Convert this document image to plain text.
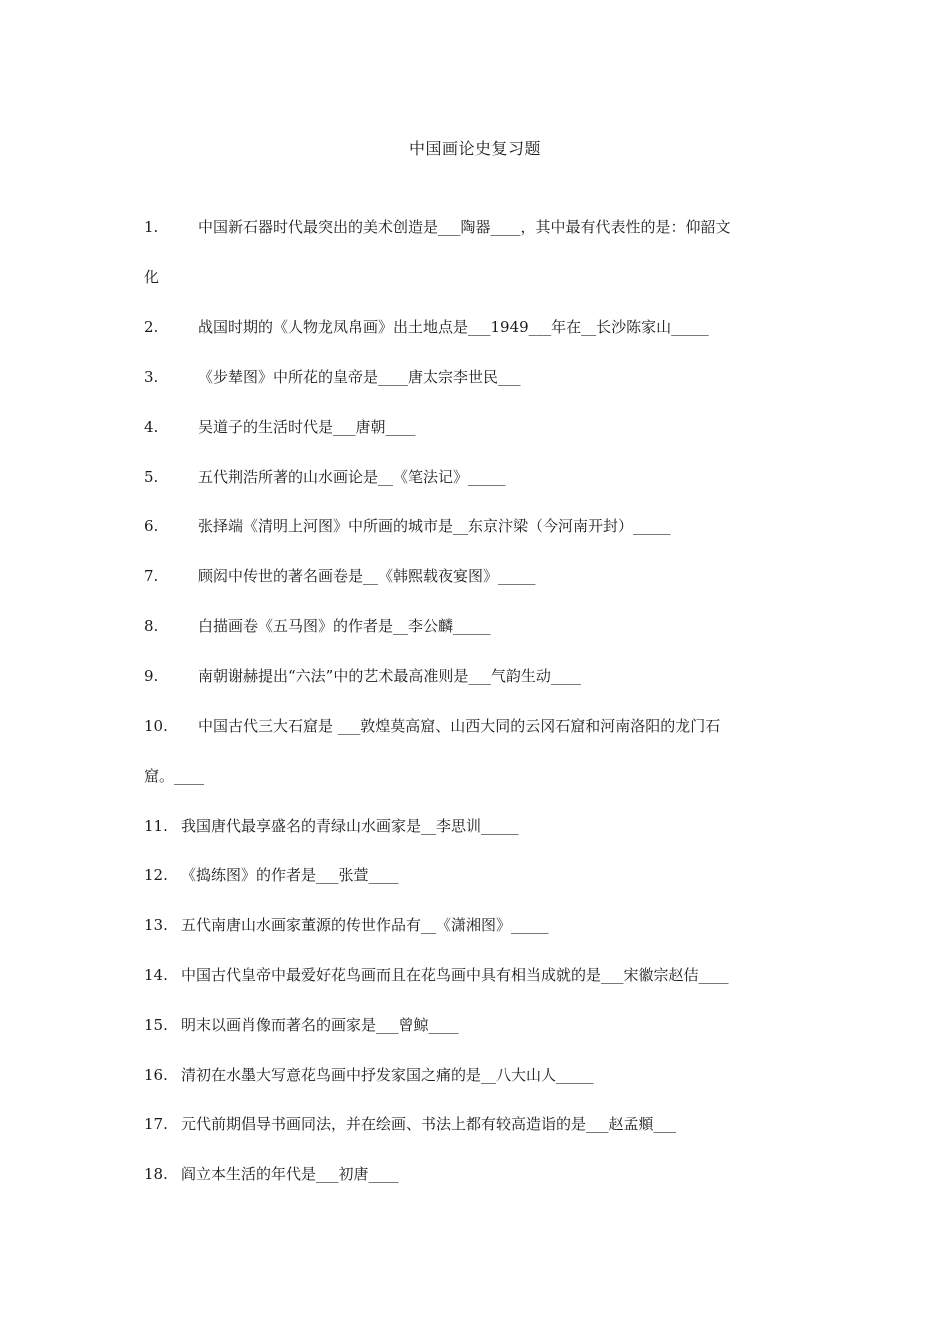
中国画论史复习题
1.	中国新石器时代最突出的美术创造是___陶器____，其中最有代表性的是：仰韶文
化
2.	战国时期的《人物龙凤帛画》出土地点是___1949___年在__长沙陈家山_____
3.	《步辇图》中所花的皇帝是____唐太宗李世民___
4.	吴道子的生活时代是___唐朝____
5.	五代荆浩所著的山水画论是__《笔法记》_____
6.	张择端《清明上河图》中所画的城市是__东京汴梁（今河南开封）_____
7.	顾闳中传世的著名画卷是__《韩熙载夜宴图》_____
8.	白描画卷《五马图》的作者是__李公麟_____
9.	南朝谢赫提出“六法”中的艺术最高准则是___气韵生动____
10. 中国古代三大石窟是 ___敦煌莫高窟、山西大同的云冈石窟和河南洛阳的龙门石
窟。____
11. 我国唐代最享盛名的青绿山水画家是__李思训_____
12. 《捣练图》的作者是___张萱____
13. 五代南唐山水画家董源的传世作品有__《潇湘图》_____
14. 中国古代皇帝中最爱好花鸟画而且在花鸟画中具有相当成就的是___宋徽宗赵佶____
15. 明末以画肖像而著名的画家是___曾鲸____
16. 清初在水墨大写意花鸟画中抒发家国之痛的是__八大山人_____
17. 元代前期倡导书画同法，并在绘画、书法上都有较高造诣的是___赵孟頫___
18. 阎立本生活的年代是___初唐____
